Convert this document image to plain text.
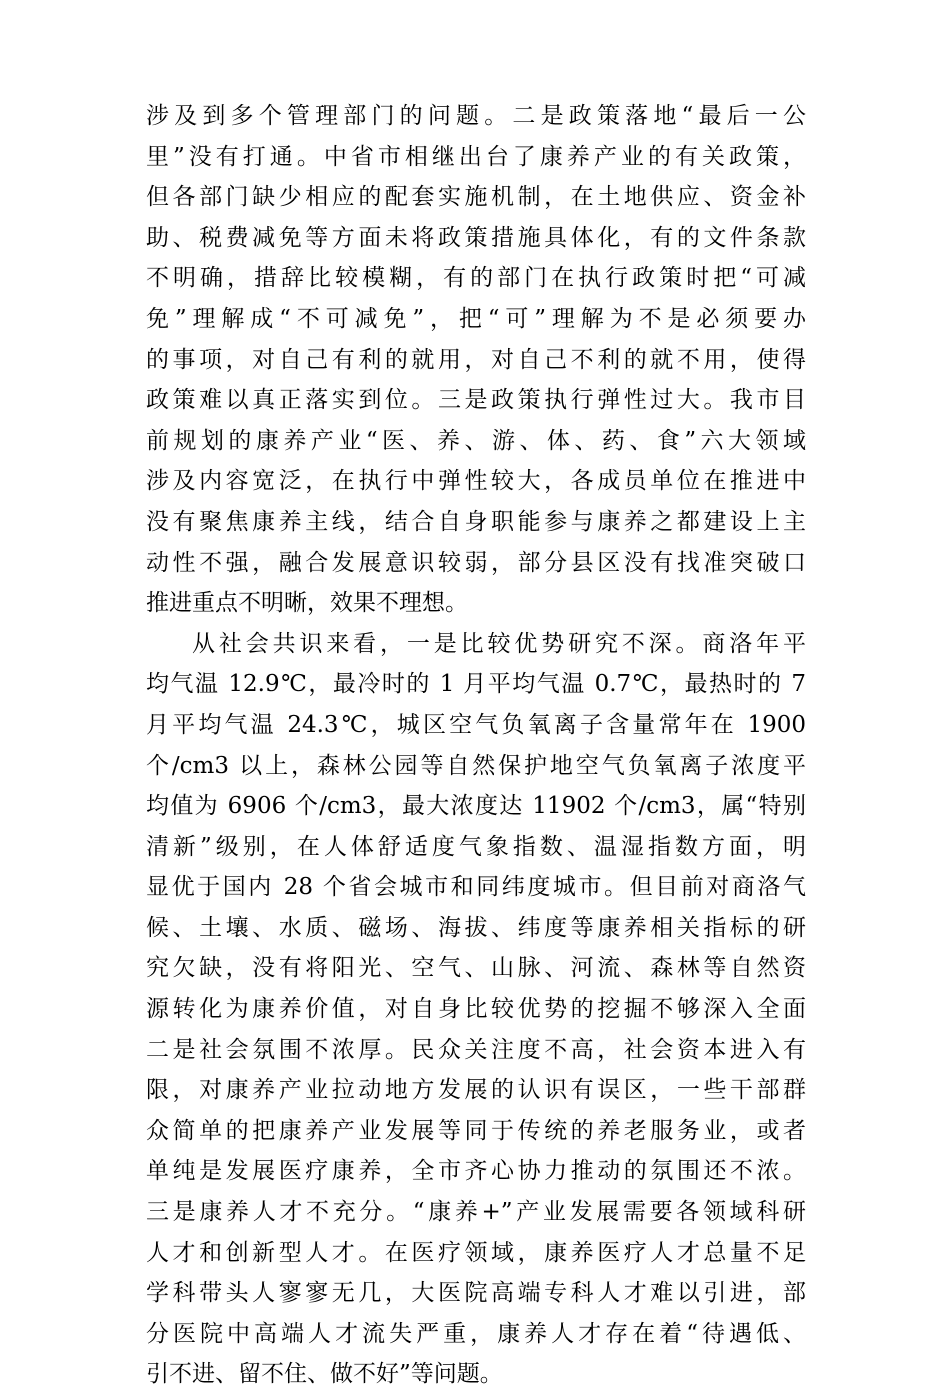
涉及到多个管理部门的问题。二是政策落地“最后一公
里”没有打通。中省市相继出台了康养产业的有关政策，
但各部门缺少相应的配套实施机制，在土地供应、资金补
助、税费减免等方面未将政策措施具体化，有的文件条款
不明确，措辞比较模糊，有的部门在执行政策时把“可减
免”理解成“不可减免”，把“可”理解为不是必须要办
的事项，对自己有利的就用，对自己不利的就不用，使得
政策难以真正落实到位。三是政策执行弹性过大。我市目
前规划的康养产业“医、养、游、体、药、食”六大领域
涉及内容宽泛，在执行中弹性较大，各成员单位在推进中
没有聚焦康养主线，结合自身职能参与康养之都建设上主
动性不强，融合发展意识较弱，部分县区没有找准突破口
推进重点不明晰，效果不理想。
从社会共识来看，一是比较优势研究不深。商洛年平
均气温 12.9℃，最冷时的 1 月平均气温 0.7℃，最热时的 7
月平均气温 24.3℃，城区空气负氧离子含量常年在 1900
个/cm3 以上，森林公园等自然保护地空气负氧离子浓度平
均值为 6906 个/cm3，最大浓度达 11902 个/cm3，属“特别
清新”级别，在人体舒适度气象指数、温湿指数方面，明
显优于国内 28 个省会城市和同纬度城市。但目前对商洛气
候、土壤、水质、磁场、海拔、纬度等康养相关指标的研
究欠缺，没有将阳光、空气、山脉、河流、森林等自然资
源转化为康养价值，对自身比较优势的挖掘不够深入全面
二是社会氛围不浓厚。民众关注度不高，社会资本进入有
限，对康养产业拉动地方发展的认识有误区，一些干部群
众简单的把康养产业发展等同于传统的养老服务业，或者
单纯是发展医疗康养，全市齐心协力推动的氛围还不浓。
三是康养人才不充分。“康养+”产业发展需要各领域科研
人才和创新型人才。在医疗领域，康养医疗人才总量不足
学科带头人寥寥无几，大医院高端专科人才难以引进，部
分医院中高端人才流失严重，康养人才存在着“待遇低、
引不进、留不住、做不好”等问题。
